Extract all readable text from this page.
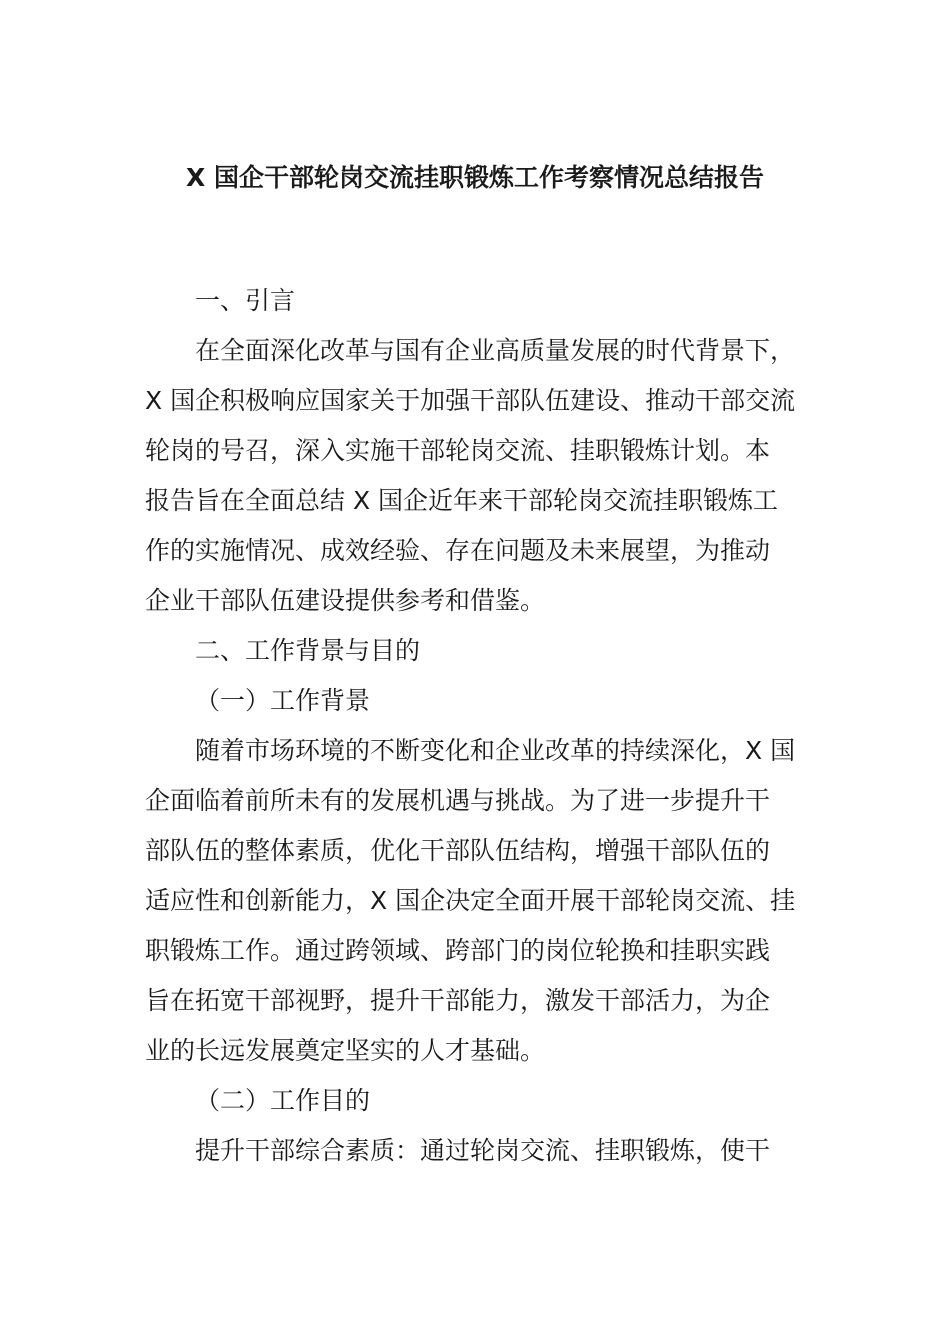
X 国企干部轮岗交流挂职锻炼工作考察情况总结报告
一、引言
在全面深化改革与国有企业高质量发展的时代背景下，
X 国企积极响应国家关于加强干部队伍建设、推动干部交流
轮岗的号召，深入实施干部轮岗交流、挂职锻炼计划。本
报告旨在全面总结 X 国企近年来干部轮岗交流挂职锻炼工
作的实施情况、成效经验、存在问题及未来展望，为推动
企业干部队伍建设提供参考和借鉴。
二、工作背景与目的
（一）工作背景
随着市场环境的不断变化和企业改革的持续深化，X 国
企面临着前所未有的发展机遇与挑战。为了进一步提升干
部队伍的整体素质，优化干部队伍结构，增强干部队伍的
适应性和创新能力，X 国企决定全面开展干部轮岗交流、挂
职锻炼工作。通过跨领域、跨部门的岗位轮换和挂职实践
旨在拓宽干部视野，提升干部能力，激发干部活力，为企
业的长远发展奠定坚实的人才基础。
（二）工作目的
提升干部综合素质：通过轮岗交流、挂职锻炼，使干
